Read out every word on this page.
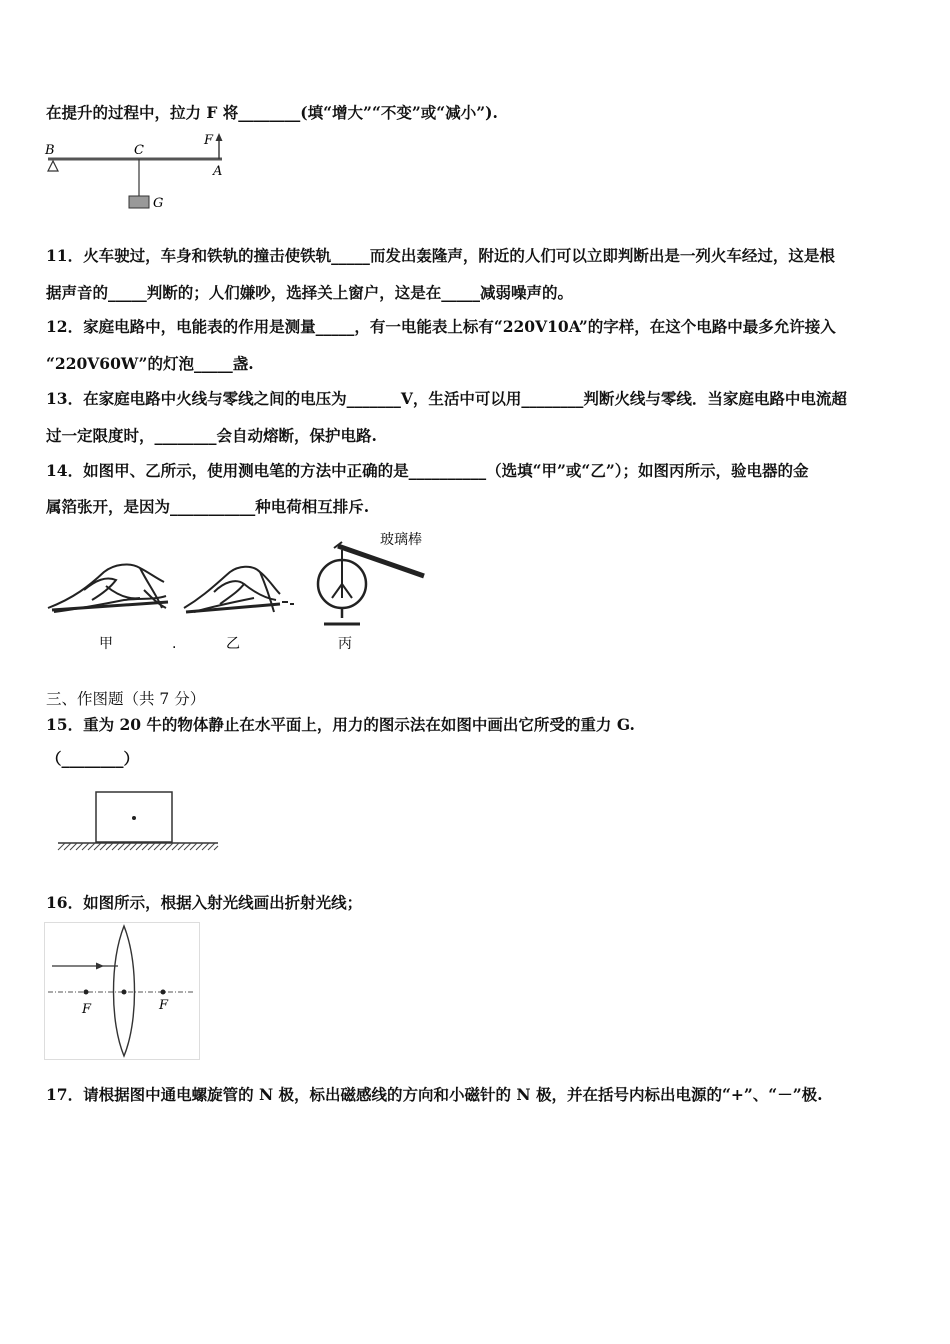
在提升的过程中，拉力 F 将________(填“增大”“不变”或“减小”).
B	C
F
A
G
11．火车驶过，车身和铁轨的撞击使铁轨_____而发出轰隆声，附近的人们可以立即判断出是一列火车经过，这是根
据声音的_____判断的；人们嫌吵，选择关上窗户，这是在_____减弱噪声的。
12．家庭电路中，电能表的作用是测量_____，有一电能表上标有“220V10A”的字样，在这个电路中最多允许接入
“220V60W”的灯泡_____盏.
13．在家庭电路中火线与零线之间的电压为_______V，生活中可以用________判断火线与零线．当家庭电路中电流超
过一定限度时，________会自动熔断，保护电路.
14．如图甲、乙所示，使用测电笔的方法中正确的是__________（选填“甲”或“乙”）；如图丙所示，验电器的金
属箔张开，是因为___________种电荷相互排斥.
玻璃棒
甲	.	乙	丙
三、作图题（共 7 分）
15．重为 20 牛的物体静止在水平面上，用力的图示法在如图中画出它所受的重力 G.
（________）
16．如图所示，根据入射光线画出折射光线；
F	F
17．请根据图中通电螺旋管的 N 极，标出磁感线的方向和小磁针的 N 极，并在括号内标出电源的“+”、“－”极.
